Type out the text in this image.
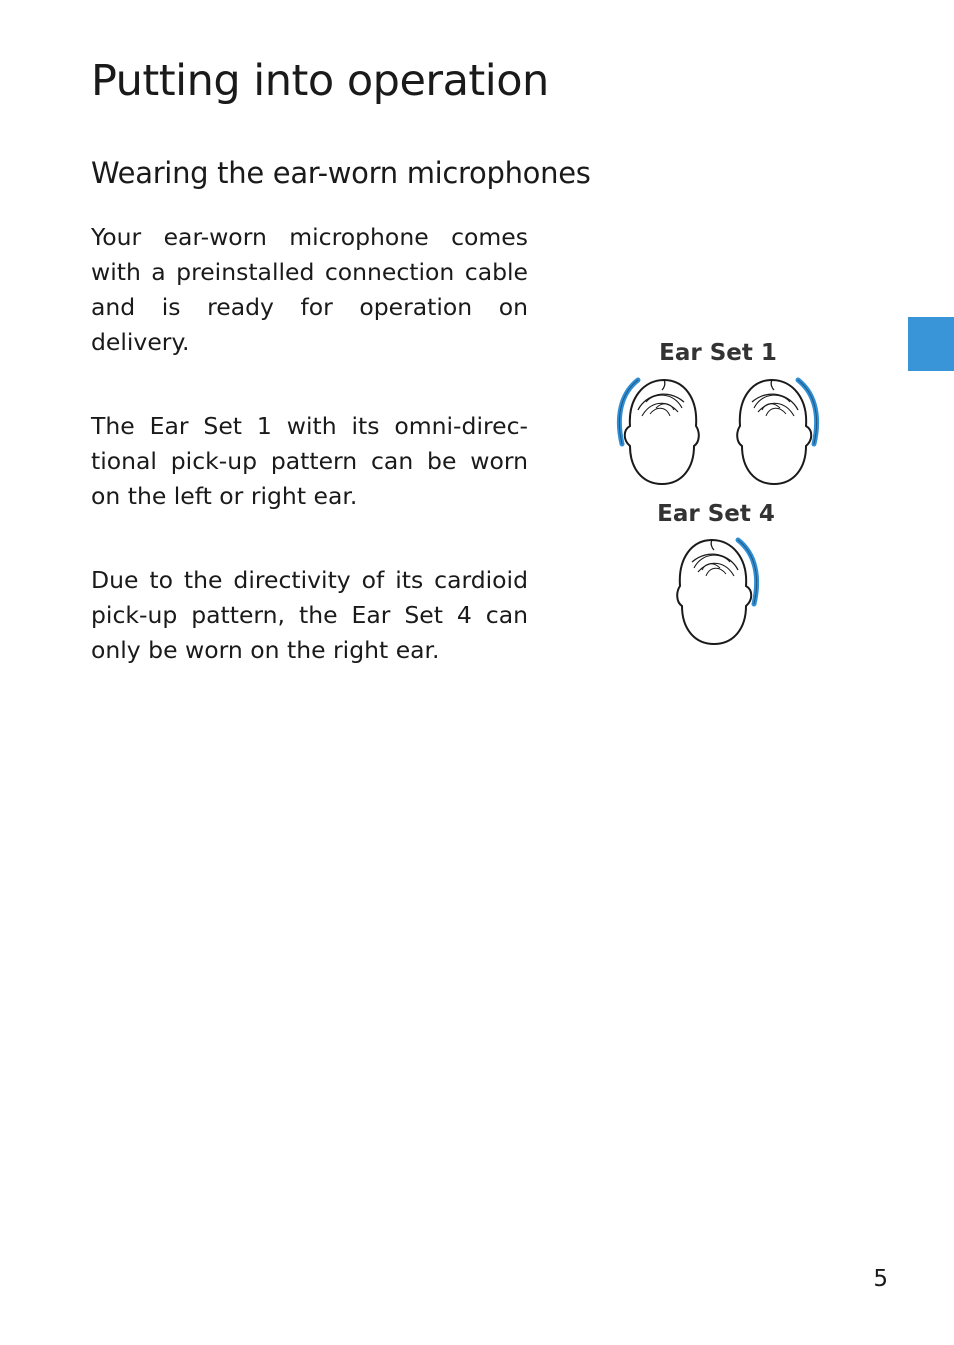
Putting into operation
Wearing the ear-worn microphones

Your ear-worn microphone comes with a preinstalled connection cable and is ready for operation on delivery.

The Ear Set 1 with its omni-directional pick-up pattern can be worn on the left or right ear.

Due to the directivity of its cardioid pick-up pattern, the Ear Set 4 can only be worn on the right ear.

Ear Set 1
Ear Set 4

5
